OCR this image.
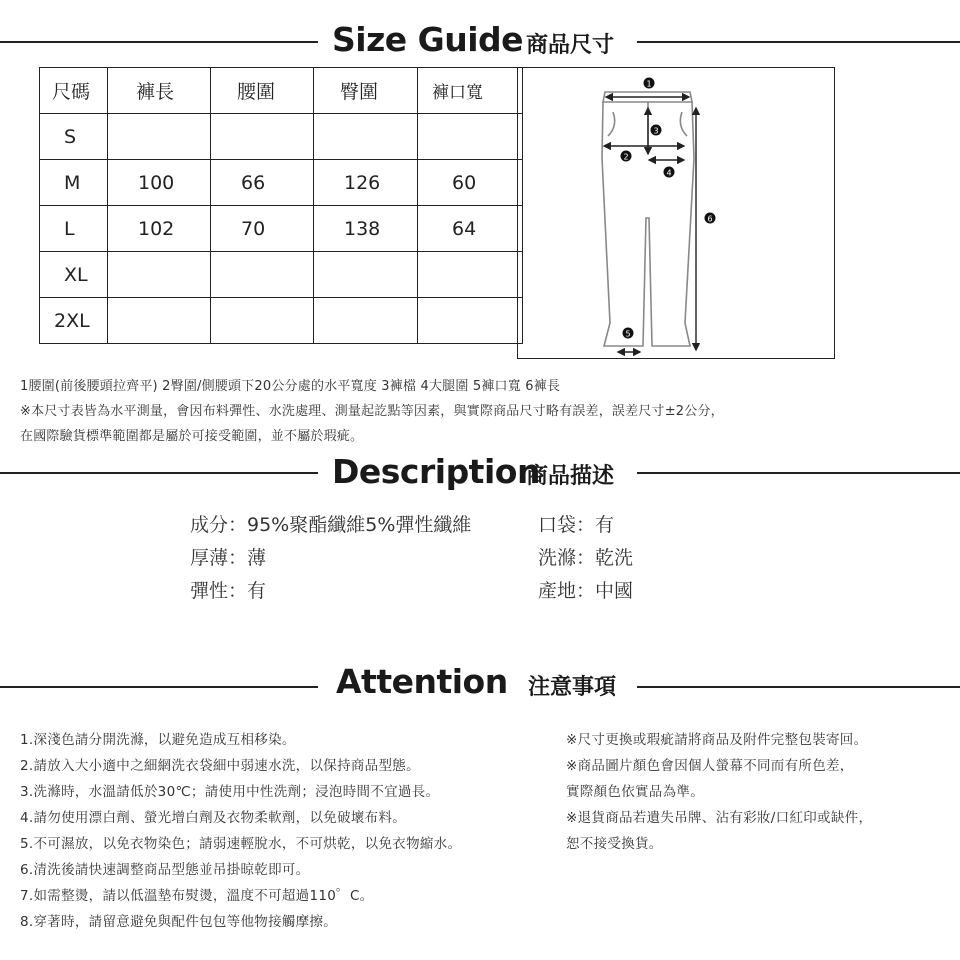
Size Guide 商品尺寸
尺碼	褲長	腰圍	臀圍	褲口寬
S				
M	100	66	126	60
L	102	70	138	64
XL				
2XL				
1
3
2
4
6
5
1腰圍(前後腰頭拉齊平) 2臀圍/側腰頭下20公分處的水平寬度 3褲檔 4大腿圍 5褲口寬 6褲長
※本尺寸表皆為水平測量，會因布料彈性、水洗處理、測量起訖點等因素，與實際商品尺寸略有誤差，誤差尺寸±2公分，
在國際驗貨標準範圍都是屬於可接受範圍，並不屬於瑕疵。
Description
商品描述
成分：95%聚酯纖維5%彈性纖維
厚薄：薄
彈性：有
口袋：有
洗滌：乾洗
產地：中國
Attention 注意事項
1.深淺色請分開洗滌，以避免造成互相移染。
2.請放入大小適中之細網洗衣袋細中弱速水洗，以保持商品型態。
3.洗滌時，水溫請低於30℃；請使用中性洗劑；浸泡時間不宜過長。
4.請勿使用漂白劑、螢光增白劑及衣物柔軟劑，以免破壞布料。
5.不可濕放，以免衣物染色；請弱速輕脫水，不可烘乾，以免衣物縮水。
6.清洗後請快速調整商品型態並吊掛晾乾即可。
7.如需整燙，請以低溫墊布熨燙，溫度不可超過110゜C。
8.穿著時，請留意避免與配件包包等他物接觸摩擦。
※尺寸更換或瑕疵請將商品及附件完整包裝寄回。
※商品圖片顏色會因個人螢幕不同而有所色差，
實際顏色依實品為準。
※退貨商品若遺失吊牌、沾有彩妝/口紅印或缺件，
恕不接受換貨。
